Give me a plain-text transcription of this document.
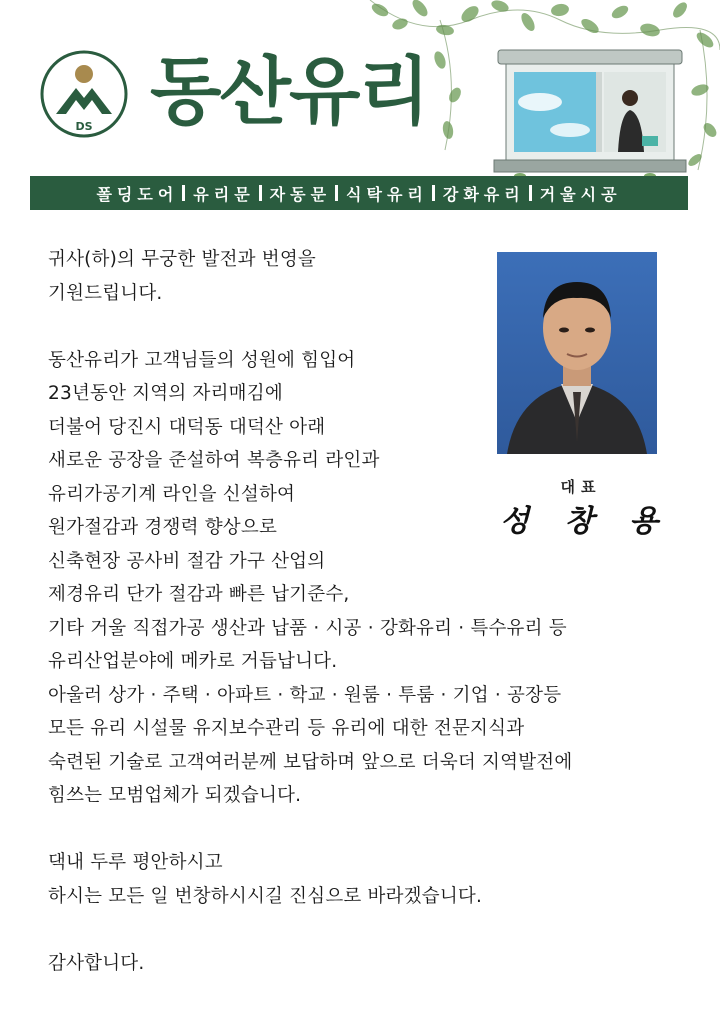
DS 동산유리
폴딩도어 유리문 자동문 식탁유리 강화유리 거울시공
귀사(하)의 무궁한 발전과 번영을
기원드립니다.
동산유리가 고객님들의 성원에 힘입어
23년동안 지역의 자리매김에
더불어 당진시 대덕동 대덕산 아래
새로운 공장을 준설하여 복층유리 라인과
유리가공기계 라인을 신설하여
원가절감과 경쟁력 향상으로
신축현장 공사비 절감 가구 산업의
제경유리 단가 절감과 빠른 납기준수,
기타 거울 직접가공 생산과 납품 · 시공 · 강화유리 · 특수유리 등
유리산업분야에 메카로 거듭납니다.
아울러 상가 · 주택 · 아파트 · 학교 · 원룸 · 투룸 · 기업 · 공장등
모든 유리 시설물 유지보수관리 등 유리에 대한 전문지식과
숙련된 기술로 고객여러분께 보답하며 앞으로 더욱더 지역발전에
힘쓰는 모범업체가 되겠습니다.
댁내 두루 평안하시고
하시는 모든 일 번창하시시길 진심으로 바라겠습니다.
감사합니다.
대표
성 창 용
